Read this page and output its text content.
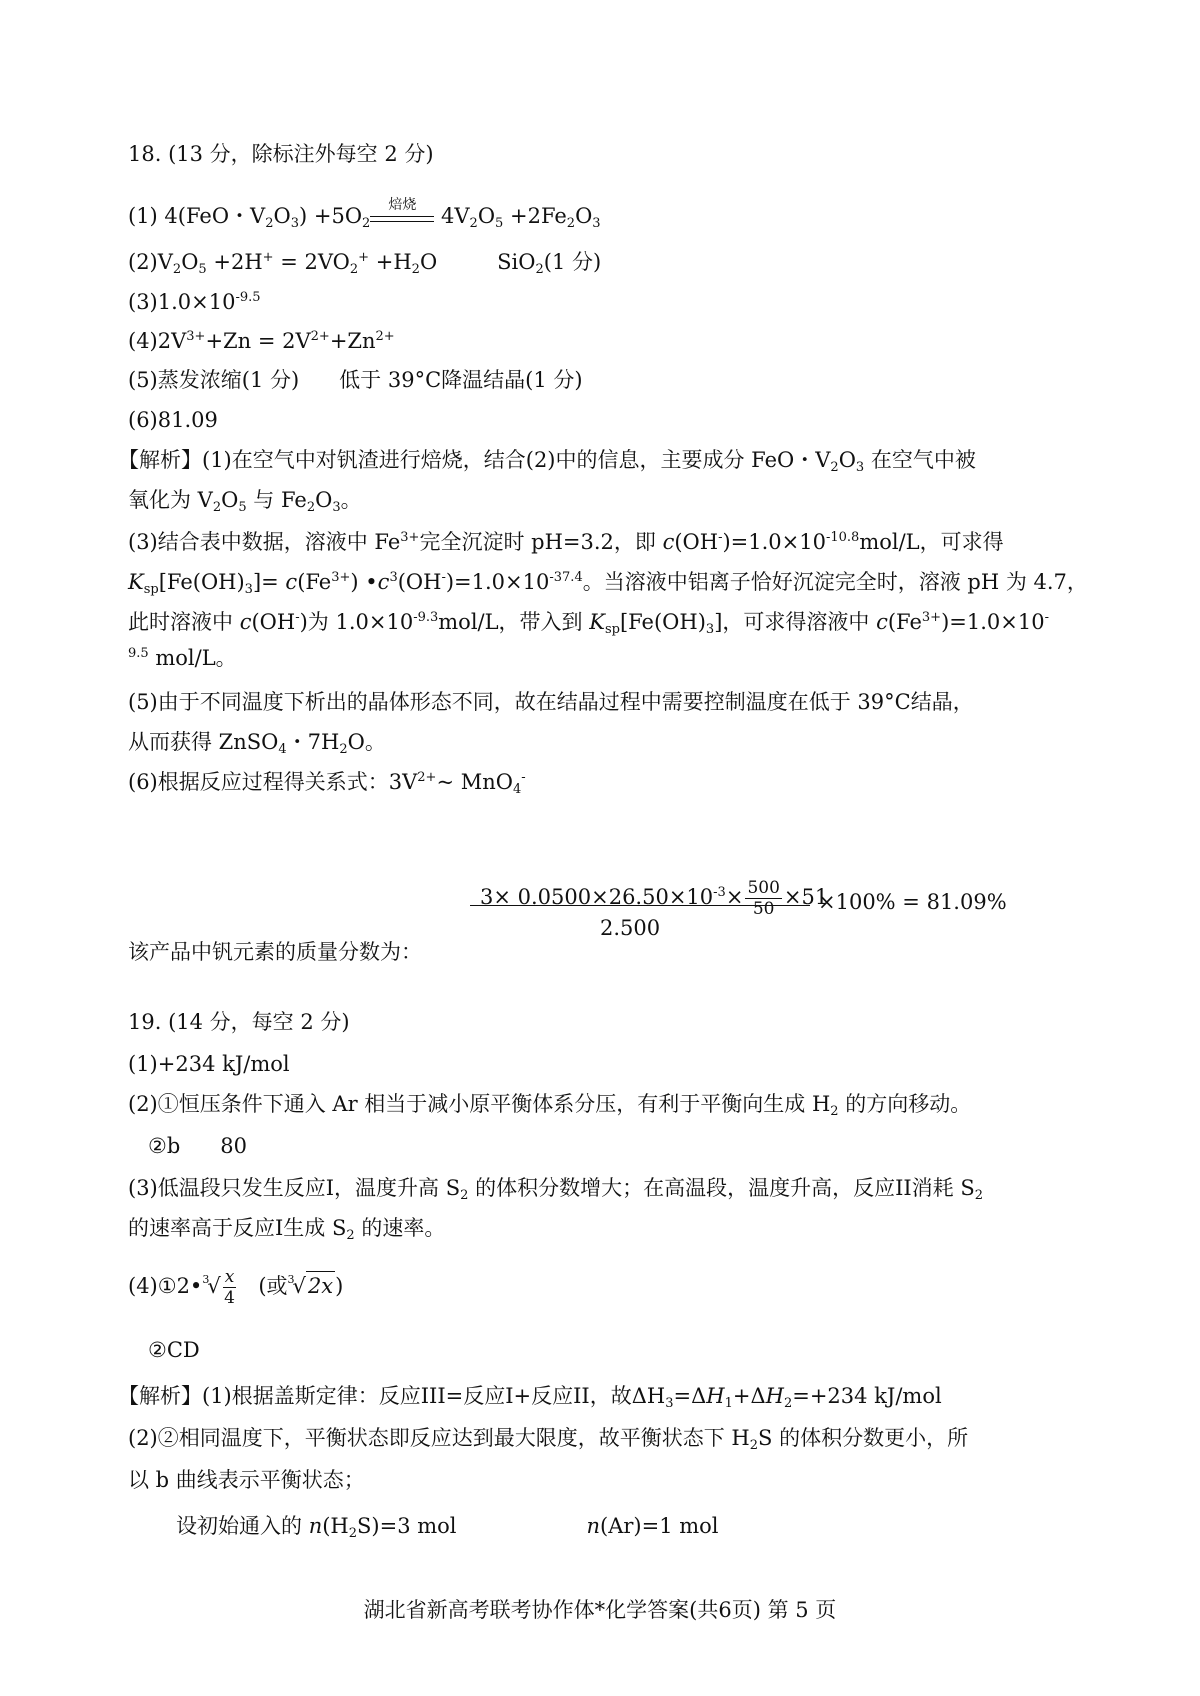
18. (13 分，除标注外每空 2 分)
(1) 4(FeO・$V_2O_3) +5O_2$
焙烧 $4V_2O_5 +2Fe_2O_3$
$(2)V_2O_5 +2H^+ = 2VO_2^+ +H_2O$	SiO$_2$(1 分)
$(3)1.0\times 10^{-9.5}$
$(4)2V^{3+}+Zn = 2V^{2+}+Zn^{2+}$
(5)蒸发浓缩(1 分) 低于 39°C降温结晶(1 分)
(6)81.09
【解析】(1)在空气中对钒渣进行焙烧，结合(2)中的信息，主要成分 FeO・$V_2O_3$ 在空气中被
氧化为 $V_2O_5$ 与 $Fe_2O_3$。
(3)结合表中数据，溶液中 $Fe^{3+}$完全沉淀时 pH=3.2，即 $c(OH^-)=1.0\times 10^{-10.8}mol/L$，可求得
$K_{sp}[Fe(OH)_3]= c(Fe^{3+})$ $•c^3(OH^-)=1.0\times 10^{-37.4}$。当溶液中铝离子恰好沉淀完全时，溶液 pH 为 4.7，
此时溶液中 c(OH-)为 $1.0\times 10^{-9.3}mol/L$，带入到 $K_{sp}[Fe(OH)_3]$，可求得溶液中 $c(Fe^{3+})=1.0\times 10^-$
$^{9.5}$ mol/L。
(5)由于不同温度下析出的晶体形态不同，故在结晶过程中需要控制温度在低于 39°C结晶，
从而获得 ZnSO$_4$・$7H_2O$。
(6)根据反应过程得关系式：$3V^{2+}\sim$ MnO$_4$-
$3\times 0.0500\times 26.50\times 10^{-3}\times \frac{500}{50} \times 51$
2.500
×100% = 81.09%
该产品中钒元素的质量分数为：
19. (14 分，每空 2 分)
(1)+234 kJ/mol
(2)①恒压条件下通入 Ar 相当于减小原平衡体系分压，有利于平衡向生成 $H_2$ 的方向移动。
②b 80
(3)低温段只发生反应I，温度升高 $S_2$ 的体积分数增大；在高温段，温度升高，反应II消耗 $S_2$
的速率高于反应I生成 $S_2$ 的速率。
(4)①2•$^3$√ $\frac{x}{4}$ (或$^3$√2x)
②CD
【解析】(1)根据盖斯定律：反应III=反应I+反应II，故$\Delta H_3=\Delta H_1+\Delta H_2=+234$ kJ/mol
(2)②相同温度下，平衡状态即反应达到最大限度，故平衡状态下 $H_2S$ 的体积分数更小，所
以 b 曲线表示平衡状态；
设初始通入的 $n(H_2S)=3$ mol	n(Ar)=1 mol
湖北省新高考联考协作体*化学答案(共6页) 第 5 页
